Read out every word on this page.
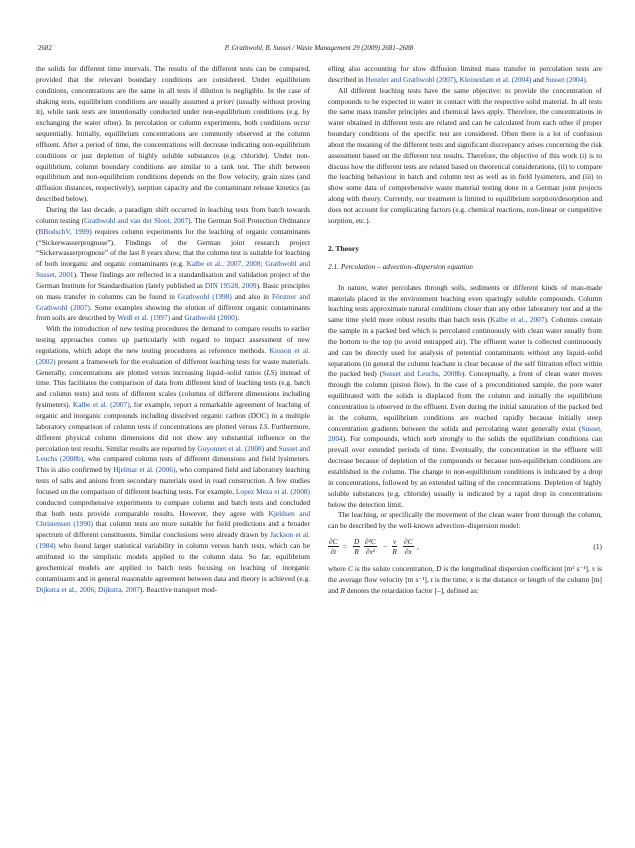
2682	P. Grathwohl, B. Susset / Waste Management 29 (2009) 2681–2688

the solids for different time intervals. The results of the different tests can be compared, provided that the relevant boundary conditions are considered. Under equilibrium conditions, concentrations are the same in all tests if dilution is negligible. In the case of shaking tests, equilibrium conditions are usually assumed a priori (usually without proving it), while tank tests are intentionally conducted under non-equilibrium conditions (e.g. by exchanging the water often). In percolation or column experiments, both conditions occur sequentially. Initially, equilibrium concentrations are commonly observed at the column effluent. After a period of time, the concentrations will decrease indicating non-equilibrium conditions or just depletion of highly soluble substances (e.g. chloride). Under non-equilibrium, column boundary conditions are similar to a tank test. The shift between equilibrium and non-equilibrium conditions depends on the flow velocity, grain sizes (and diffusion distances, respectively), sorption capacity and the contaminant release kinetics (as described below).

During the last decade, a paradigm shift occurred in leaching tests from batch towards column testing (Grathwohl and van der Sloot, 2007). The German Soil Protection Ordinance (BBodschV, 1999) requires column experiments for the leaching of organic contaminants (“Sickerwasserprognose”). Findings of the German joint research project “Sickerwasserprognose” of the last 8 years show, that the column test is suitable for leaching of both inorganic and organic contaminants (e.g. Kalbe et al., 2007, 2008; Grathwohl and Susset, 2001). These findings are reflected in a standardisation and validation project of the German Institute for Standardisation (lately published as DIN 19528, 2009). Basic principles on mass transfer in columns can be found in Grathwohl (1998) and also in Förstner and Grathwohl (2007). Some examples showing the elution of different organic contaminants from soils are described by Weiß et al. (1997) and Grathwohl (2000).

With the introduction of new testing procedures the demand to compare results to earlier testing approaches comes up particularly with regard to impact assessment of new regulations, which adopt the new testing procedures as reference methods. Kosson et al. (2002) present a framework for the evaluation of different leaching tests for waste materials. Generally, concentrations are plotted versus increasing liquid–solid ratios (LS) instead of time. This facilitates the comparison of data from different kind of leaching tests (e.g. batch and column tests) and tests of different scales (columns of different dimensions including lysimeters). Kalbe et al. (2007), for example, report a remarkable agreement of leaching of organic and inorganic compounds including dissolved organic carbon (DOC) in a multiple laboratory comparison of column tests if concentrations are plotted versus LS. Furthermore, different physical column dimensions did not show any substantial influence on the percolation test results. Similar results are reported by Guyonnet et al. (2008) and Susset and Leuchs (2008b), who compared column tests of different dimensions and field lysimeters. This is also confirmed by Hjelmar et al. (2006), who compared field and laboratory leaching tests of salts and anions from secondary materials used in road construction. A few studies focused on the comparison of different leaching tests. For example, Lopez Meza et al. (2008) conducted comprehensive experiments to compare column and batch tests and concluded that both tests provide comparable results. However, they agree with Kjeldsen and Christensen (1990) that column tests are more suitable for field predictions and a broader spectrum of different constituents. Similar conclusions were already drawn by Jackson et al. (1984) who found larger statistical variability in column versus batch tests, which can be attributed to the simplistic models applied to the column data. So far, equilibrium geochemical models are applied to batch tests focusing on leaching of inorganic contaminants and in general reasonable agreement between data and theory is achieved (e.g. Dijkstra et al., 2006; Dijkstra, 2007). Reactive transport mod-

elling also accounting for slow diffusion limited mass transfer in percolation tests are described in Henzler and Grathwohl (2007), Kleineidam et al. (2004) and Susset (2004).

All different leaching tests have the same objective: to provide the concentration of compounds to be expected in water in contact with the respective solid material. In all tests the same mass transfer principles and chemical laws apply. Therefore, the concentrations in water obtained in different tests are related and can be calculated from each other if proper boundary conditions of the specific test are considered. Often there is a lot of confusion about the meaning of the different tests and significant discrepancy arises concerning the risk assessment based on the different test results. Therefore, the objective of this work (i) is to discuss how the different tests are related based on theoretical considerations, (ii) to compare the leaching behaviour in batch and column test as well as in field lysimeters, and (iii) to show some data of comprehensive waste material testing done in a German joint projects along with theory. Currently, our treatment is limited to equilibrium sorption/desorption and does not account for complicating factors (e.g. chemical reactions, non-linear or competitive sorption, etc.).

2. Theory
2.1. Percolation – advection–dispersion equation

In nature, water percolates through soils, sediments or different kinds of man-made materials placed in the environment leaching even sparingly soluble compounds. Column leaching tests approximate natural conditions closer than any other laboratory test and at the same time yield more robust results than batch tests (Kalbe et al., 2007). Columns contain the sample in a packed bed which is percolated continuously with clean water usually from the bottom to the top (to avoid entrapped air). The effluent water is collected continuously and can be directly used for analysis of potential contaminants without any liquid–solid separations (in general the column leachate is clear because of the self filtration effect within the packed bed) (Susset and Leuchs, 2008b). Conceptually, a front of clean water moves through the column (piston flow). In the case of a preconditioned sample, the pore water equilibrated with the solids is displaced from the column and initially the equilibrium concentration is observed in the effluent. Even during the initial saturation of the packed bed in the column, equilibrium conditions are reached rapidly because initially steep concentration gradients between the solids and percolating water generally exist (Susset, 2004). For compounds, which sorb strongly to the solids the equilibrium conditions can prevail over extended periods of time. Eventually, the concentration in the effluent will decrease because of depletion of the compounds or because non-equilibrium conditions are established in the column. The change to non-equilibrium conditions is indicated by a drop in concentrations, followed by an extended tailing of the concentrations. Depletion of highly soluble substances (e.g. chloride) usually is indicated by a rapid drop in concentrations below the detection limit.

The leaching, or specifically the movement of the clean water front through the column, can be described by the well-known advection–dispersion model:

$\frac{\partial C}{\partial t} = \frac{D}{R} \frac{\text{∂²C}}{\text{∂x²}} - \frac{v}{R} \frac{\partial C}{\partial x}$ ,	(1)

where C is the solute concentration, D is the longitudinal dispersion coefficient [m² s⁻¹], v is the average flow velocity [m s⁻¹], t is the time, x is the distance or length of the column [m] and R denotes the retardation factor [–], defined as:
